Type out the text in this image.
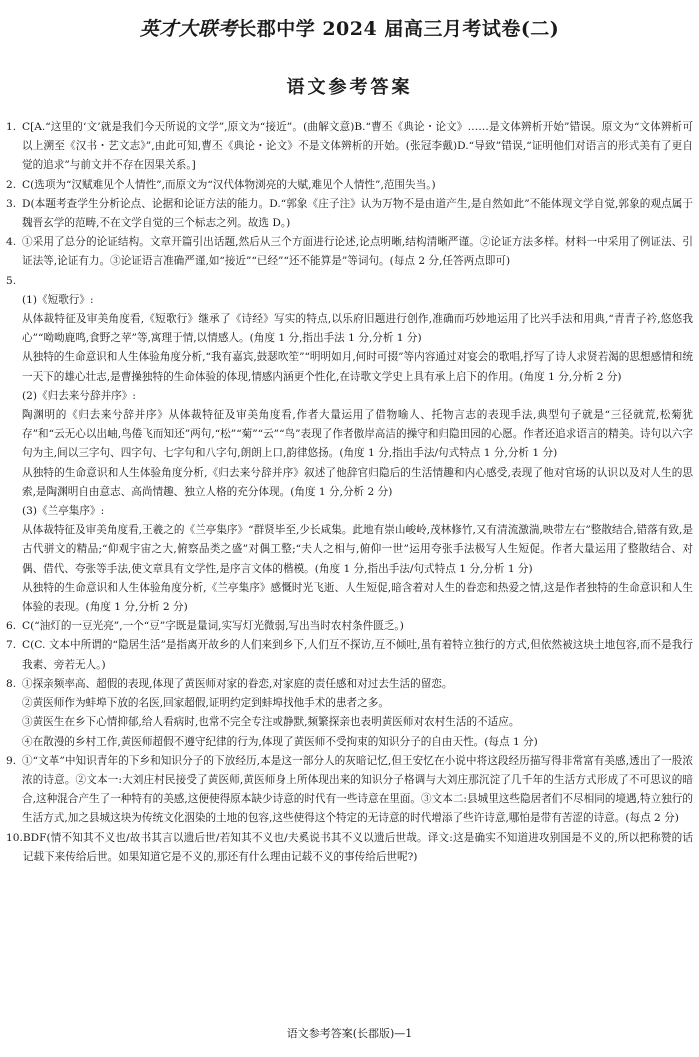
英才大联考长郡中学 2024 届高三月考试卷(二)
语文参考答案
1. C[A.“这里的‘文’就是我们今天所说的文学”,原文为“接近”。(曲解文意)B.“曹丕《典论・论文》……是文体辨析开始”错误。原文为“文体辨析可以上溯至《汉书・艺文志》”,由此可知,曹丕《典论・论文》不是文体辨析的开始。(张冠李戴)D.“导致”错误,“证明他们对语言的形式美有了更自觉的追求”与前文并不存在因果关系。]
2. C(选项为“汉赋难见个人情性”,而原文为“汉代体物浏亮的大赋,难见个人情性”,范围失当。)
3. D(本题考查学生分析论点、论据和论证方法的能力。D.“郭象《庄子注》认为万物不是由道产生,是自然如此”不能体现文学自觉,郭象的观点属于魏晋玄学的范畴,不在文学自觉的三个标志之列。故选 D。)
4. ①采用了总分的论证结构。文章开篇引出话题,然后从三个方面进行论述,论点明晰,结构清晰严谨。②论证方法多样。材料一中采用了例证法、引证法等,论证有力。③论证语言准确严谨,如“接近”“已经”“还不能算是”等词句。(每点 2 分,任答两点即可)
5.
(1)《短歌行》:
从体裁特征及审美角度看,《短歌行》继承了《诗经》写实的特点,以乐府旧题进行创作,准确而巧妙地运用了比兴手法和用典,“青青子衿,悠悠我心”“呦呦鹿鸣,食野之苹”等,寓理于情,以情感人。(角度 1 分,指出手法 1 分,分析 1 分)
从独特的生命意识和人生体验角度分析,“我有嘉宾,鼓瑟吹笙”“明明如月,何时可掇”等内容通过对宴会的歌唱,抒写了诗人求贤若渴的思想感情和统一天下的雄心壮志,是曹操独特的生命体验的体现,情感内涵更个性化,在诗歌文学史上具有承上启下的作用。(角度 1 分,分析 2 分)
(2)《归去来兮辞并序》:
陶渊明的《归去来兮辞并序》从体裁特征及审美角度看,作者大量运用了借物喻人、托物言志的表现手法,典型句子就是“三径就荒,松菊犹存”和“云无心以出岫,鸟倦飞而知还”两句,“松”“菊”“云”“鸟”表现了作者傲岸高洁的操守和归隐田园的心愿。作者还追求语言的精美。诗句以六字句为主,间以三字句、四字句、七字句和八字句,朗朗上口,韵律悠扬。(角度 1 分,指出手法/句式特点 1 分,分析 1 分)
从独特的生命意识和人生体验角度分析,《归去来兮辞并序》叙述了他辞官归隐后的生活情趣和内心感受,表现了他对官场的认识以及对人生的思索,是陶渊明自由意志、高尚情趣、独立人格的充分体现。(角度 1 分,分析 2 分)
(3)《兰亭集序》:
从体裁特征及审美角度看,王羲之的《兰亭集序》“群贤毕至,少长咸集。此地有崇山峻岭,茂林修竹,又有清流激湍,映带左右”整散结合,错落有致,是古代骈文的精品;“仰观宇宙之大,俯察品类之盛”对偶工整;“夫人之相与,俯仰一世”运用夸张手法极写人生短促。作者大量运用了整散结合、对偶、借代、夸张等手法,使文章具有文学性,是序言文体的楷模。(角度 1 分,指出手法/句式特点 1 分,分析 1 分)
从独特的生命意识和人生体验角度分析,《兰亭集序》感慨时光飞逝、人生短促,暗含着对人生的眷恋和热爱之情,这是作者独特的生命意识和人生体验的表现。(角度 1 分,分析 2 分)
6. C(“油灯的一豆光亮”,一个“豆”字既是量词,实写灯光微弱,写出当时农村条件匮乏。)
7. C(C. 文本中所谓的“隐居生活”是指离开故乡的人们来到乡下,人们互不探访,互不倾吐,虽有着特立独行的方式,但依然被这块土地包容,而不是我行我素、旁若无人。)
8. ①探亲频率高、超假的表现,体现了黄医师对家的眷恋,对家庭的责任感和对过去生活的留恋。
②黄医师作为蚌埠下放的名医,回家超假,证明约定到蚌埠找他手术的患者之多。
③黄医生在乡下心情抑郁,给人看病时,也常不完全专注或静默,频繁探亲也表明黄医师对农村生活的不适应。
④在散漫的乡村工作,黄医师超假不遵守纪律的行为,体现了黄医师不受拘束的知识分子的自由天性。(每点 1 分)
9. ①“文革”中知识青年的下乡和知识分子的下放经历,本是这一部分人的灰暗记忆,但王安忆在小说中将这段经历描写得非常富有美感,透出了一股浓浓的诗意。②文本一:大刘庄村民接受了黄医师,黄医师身上所体现出来的知识分子格调与大刘庄那沉淀了几千年的生活方式形成了不可思议的暗合,这种混合产生了一种特有的美感,这便使得原本缺少诗意的时代有一些诗意在里面。③文本二:县城里这些隐居者们不尽相同的境遇,特立独行的生活方式,加之县城这块为传统文化洇染的土地的包容,这些使得这个特定的无诗意的时代增添了些许诗意,哪怕是带有苦涩的诗意。(每点 2 分)
10. BDF(情不知其不义也/故书其言以遗后世/若知其不义也/夫奚说书其不义以遗后世哉。译文:这是确实不知道进攻别国是不义的,所以把称赞的话记载下来传给后世。如果知道它是不义的,那还有什么理由记载不义的事传给后世呢?)
语文参考答案(长郡版)—1
